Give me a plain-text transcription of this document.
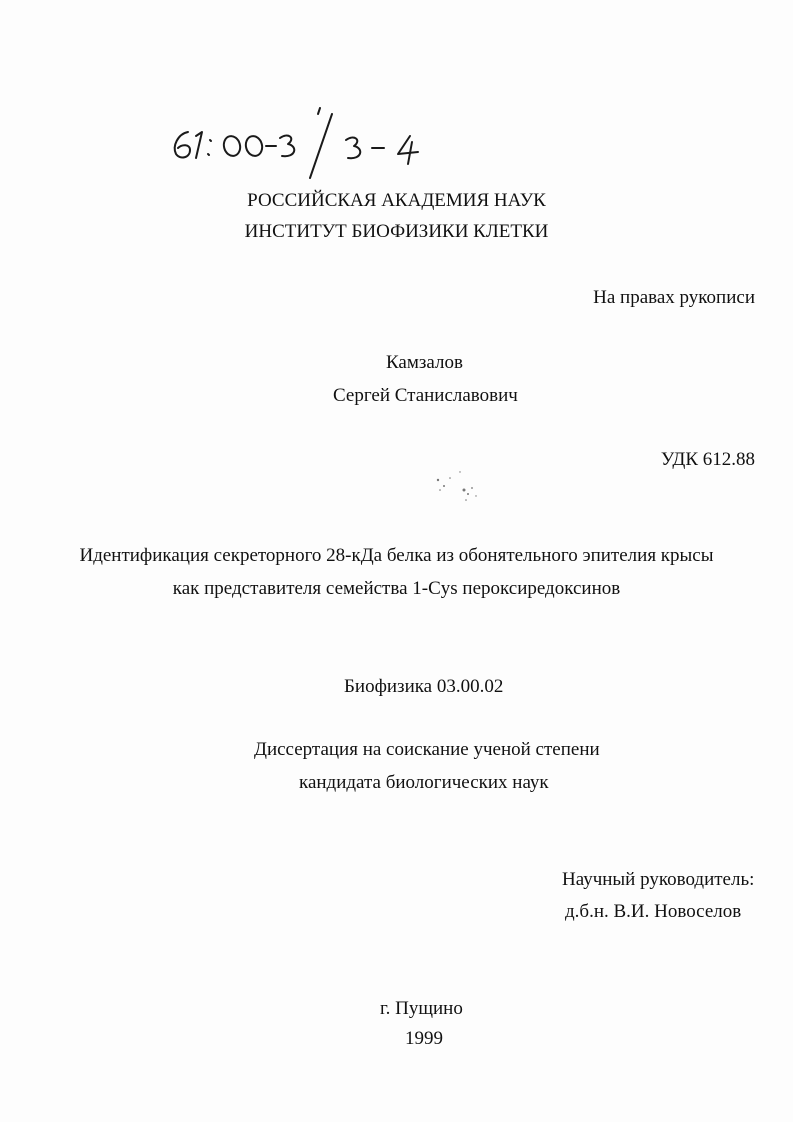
61: 00-3/3-4
РОССИЙСКАЯ АКАДЕМИЯ НАУК
ИНСТИТУТ БИОФИЗИКИ КЛЕТКИ
На правах рукописи
Камзалов
Сергей Станиславович
УДК 612.88
Идентификация секреторного 28-кДа белка из обонятельного эпителия крысы
как представителя семейства 1-Cys пероксиредоксинов
Биофизика 03.00.02
Диссертация на соискание ученой степени
кандидата биологических наук
Научный руководитель:
д.б.н. В.И. Новоселов
г. Пущино
1999
